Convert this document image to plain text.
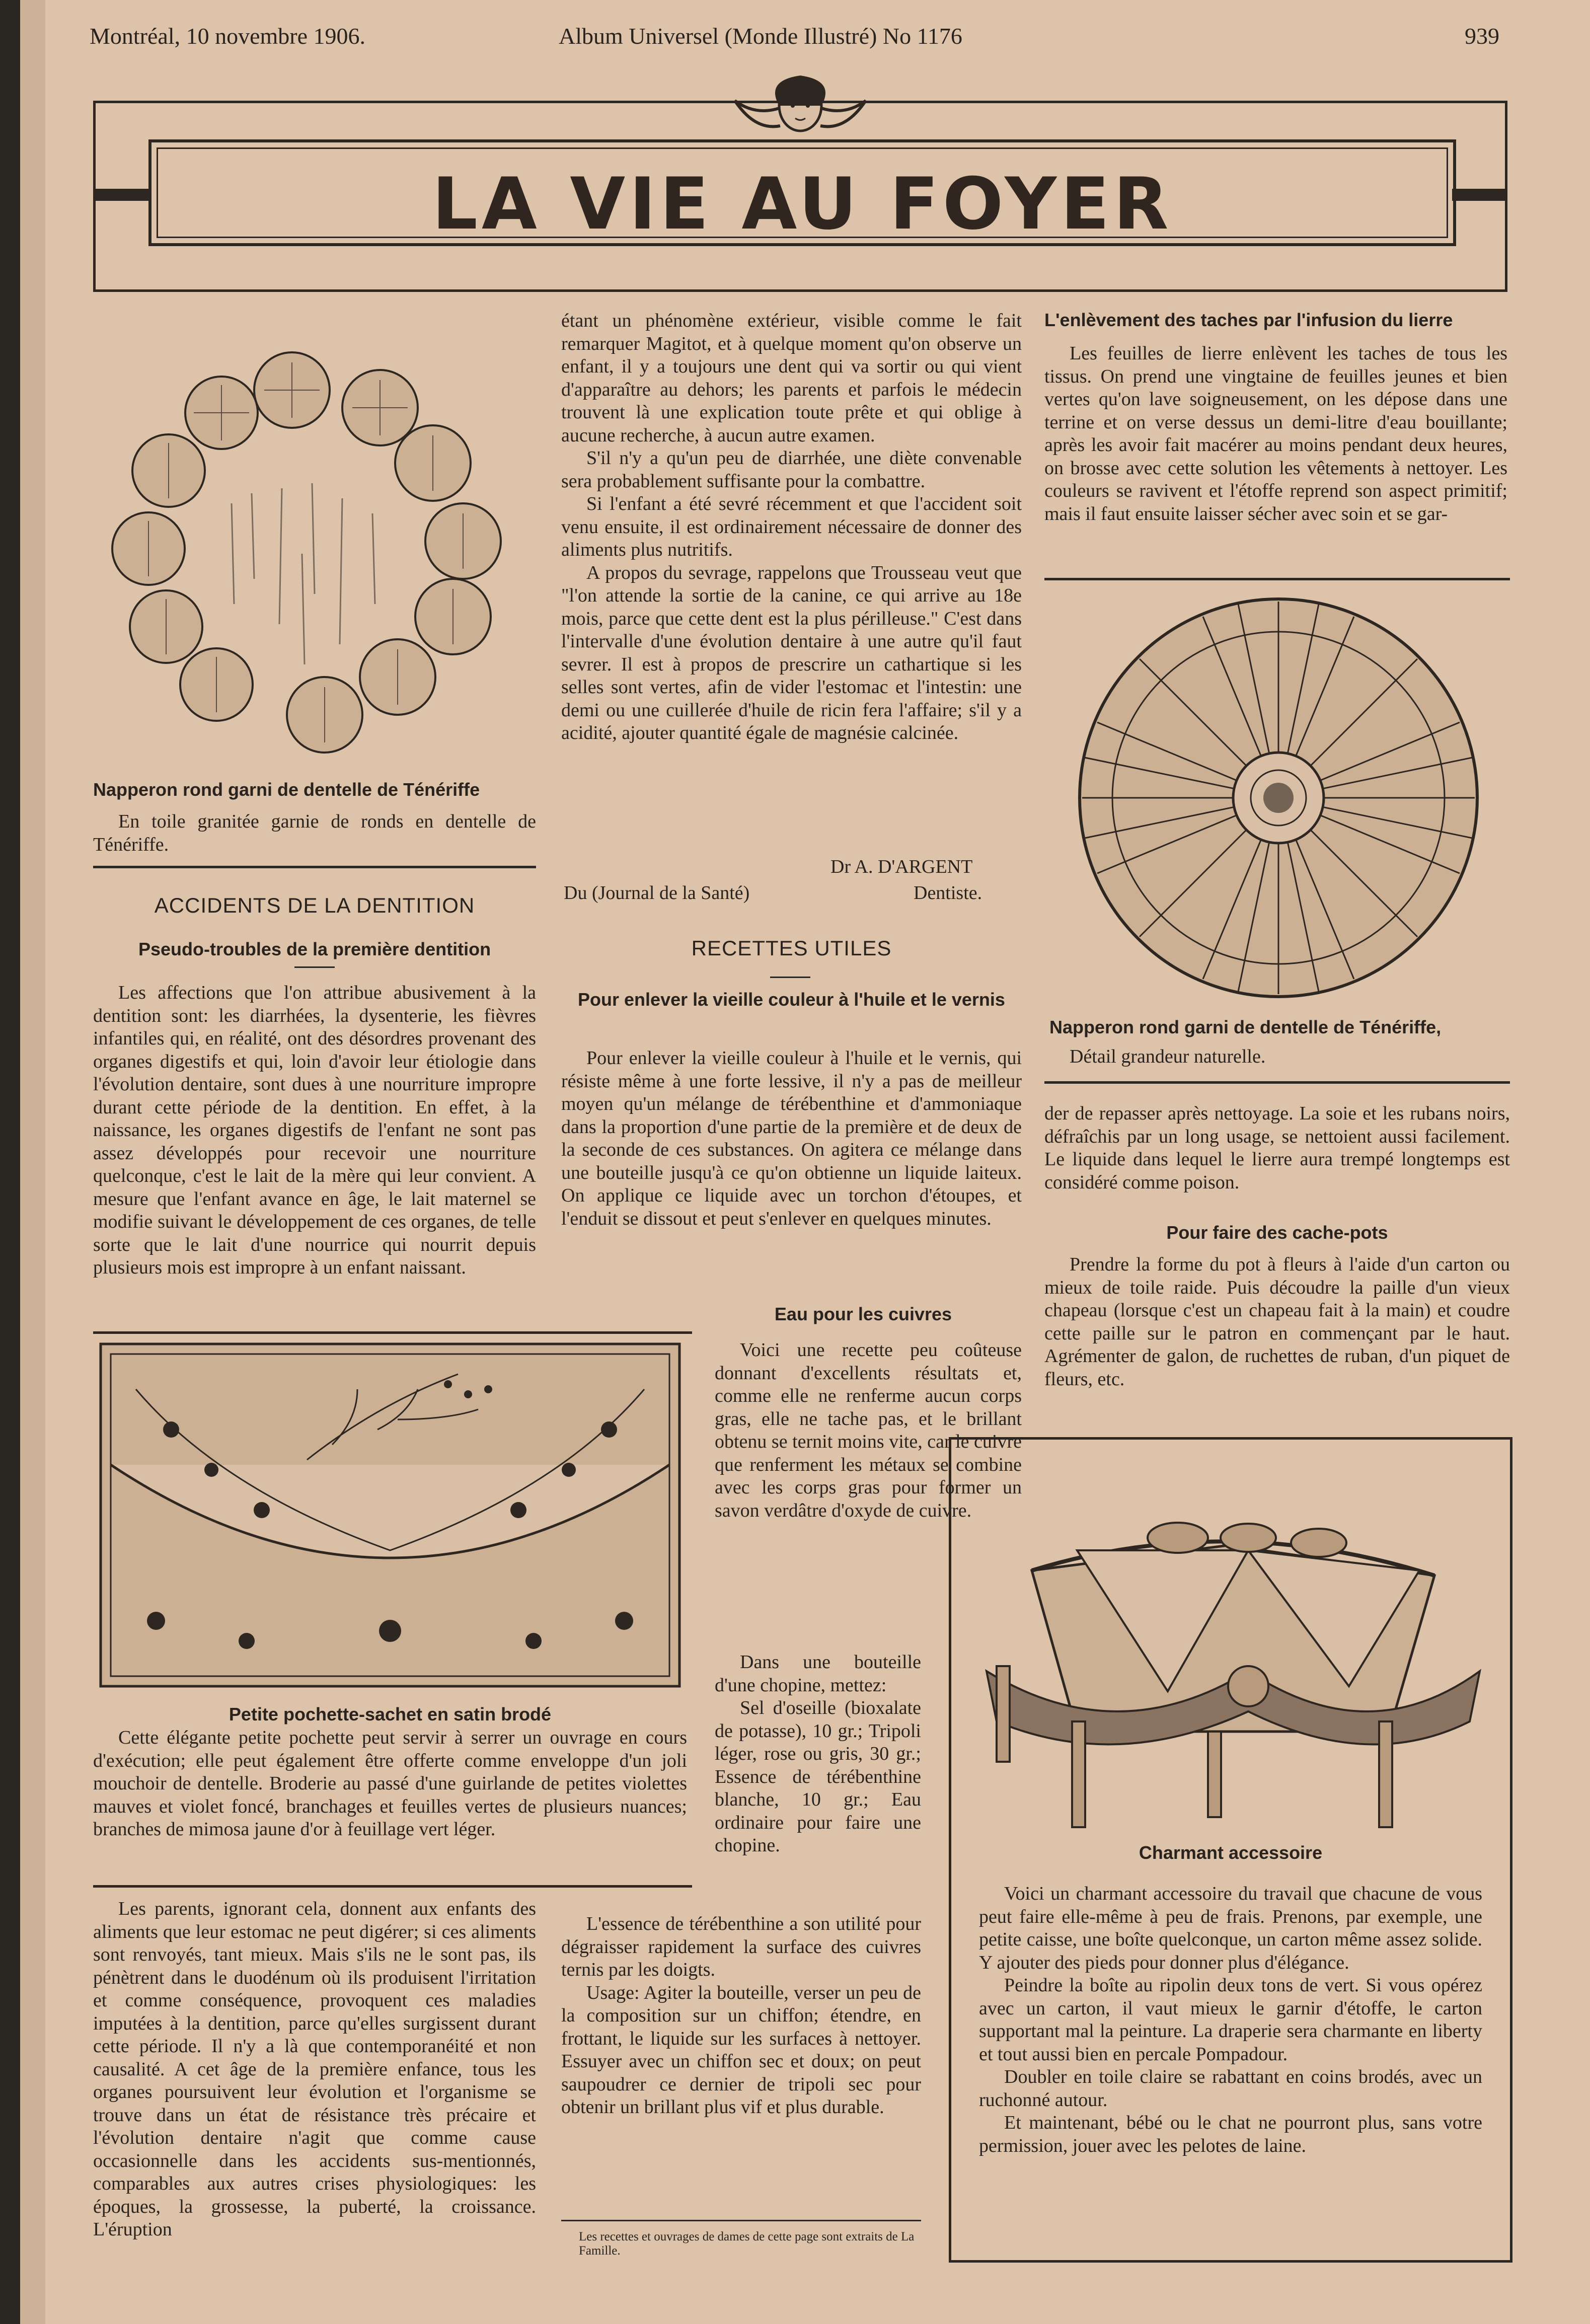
Montréal, 10 novembre 1906.	Album Universel (Monde Illustré) No 1176	939
LA VIE AU FOYER
Napperon rond garni de dentelle de Ténériffe

En toile granitée garnie de ronds en dentelle de Ténériffe.

ACCIDENTS DE LA DENTITION
Pseudo-troubles de la première dentition

Les affections que l'on attribue abusivement à la dentition sont: les diarrhées, la dysenterie, les fièvres infantiles qui, en réalité, ont des désordres provenant des organes digestifs et qui, loin d'avoir leur étiologie dans l'évolution dentaire, sont dues à une nourriture impropre durant cette période de la dentition. En effet, à la naissance, les organes digestifs de l'enfant ne sont pas assez développés pour recevoir une nourriture quelconque, c'est le lait de la mère qui leur convient. A mesure que l'enfant avance en âge, le lait maternel se modifie suivant le développement de ces organes, de telle sorte que le lait d'une nourrice qui nourrit depuis plusieurs mois est impropre à un enfant naissant.

Petite pochette-sachet en satin brodé

Cette élégante petite pochette peut servir à serrer un ouvrage en cours d'exécution; elle peut également être offerte comme enveloppe d'un joli mouchoir de dentelle. Broderie au passé d'une guirlande de petites violettes mauves et violet foncé, branchages et feuilles vertes de plusieurs nuances; branches de mimosa jaune d'or à feuillage vert léger.

Les parents, ignorant cela, donnent aux enfants des aliments que leur estomac ne peut digérer; si ces aliments sont renvoyés, tant mieux. Mais s'ils ne le sont pas, ils pénètrent dans le duodénum où ils produisent l'irritation et comme conséquence, provoquent ces maladies imputées à la dentition, parce qu'elles surgissent durant cette période. Il n'y a là que contemporanéité et non causalité. A cet âge de la première enfance, tous les organes poursuivent leur évolution et l'organisme se trouve dans un état de résistance très précaire et l'évolution dentaire n'agit que comme cause occasionnelle dans les accidents sus-mentionnés, comparables aux autres crises physiologiques: les époques, la grossesse, la puberté, la croissance. L'éruption

étant un phénomène extérieur, visible comme le fait remarquer Magitot, et à quelque moment qu'on observe un enfant, il y a toujours une dent qui va sortir ou qui vient d'apparaître au dehors; les parents et parfois le médecin trouvent là une explication toute prête et qui oblige à aucune recherche, à aucun autre examen.

S'il n'y a qu'un peu de diarrhée, une diète convenable sera probablement suffisante pour la combattre.

Si l'enfant a été sevré récemment et que l'accident soit venu ensuite, il est ordinairement nécessaire de donner des aliments plus nutritifs.

A propos du sevrage, rappelons que Trousseau veut que "l'on attende la sortie de la canine, ce qui arrive au 18e mois, parce que cette dent est la plus périlleuse." C'est dans l'intervalle d'une évolution dentaire à une autre qu'il faut sevrer. Il est à propos de prescrire un cathartique si les selles sont vertes, afin de vider l'estomac et l'intestin: une demi ou une cuillerée d'huile de ricin fera l'affaire; s'il y a acidité, ajouter quantité égale de magnésie calcinée.

Dr A. D'ARGENT
Du (Journal de la Santé)	Dentiste.
RECETTES UTILES
Pour enlever la vieille couleur à l'huile et le vernis

Pour enlever la vieille couleur à l'huile et le vernis, qui résiste même à une forte lessive, il n'y a pas de meilleur moyen qu'un mélange de térébenthine et d'ammoniaque dans la proportion d'une partie de la première et de deux de la seconde de ces substances. On agitera ce mélange dans une bouteille jusqu'à ce qu'on obtienne un liquide laiteux. On applique ce liquide avec un torchon d'étoupes, et l'enduit se dissout et peut s'enlever en quelques minutes.

Eau pour les cuivres

Voici une recette peu coûteuse donnant d'excellents résultats et, comme elle ne renferme aucun corps gras, elle ne tache pas, et le brillant obtenu se ternit moins vite, car le cuivre que renferment les métaux se combine avec les corps gras pour former un savon verdâtre d'oxyde de cuivre.

Dans une bouteille d'une chopine, mettez:

Sel d'oseille (bioxalate de potasse), 10 gr.; Tripoli léger, rose ou gris, 30 gr.; Essence de térébenthine blanche, 10 gr.; Eau ordinaire pour faire une chopine.

L'essence de térébenthine a son utilité pour dégraisser rapidement la surface des cuivres ternis par les doigts.

Usage: Agiter la bouteille, verser un peu de la composition sur un chiffon; étendre, en frottant, le liquide sur les surfaces à nettoyer. Essuyer avec un chiffon sec et doux; on peut saupoudrer ce dernier de tripoli sec pour obtenir un brillant plus vif et plus durable.

Les recettes et ouvrages de dames de cette page sont extraits de La Famille.
L'enlèvement des taches par l'infusion du lierre

Les feuilles de lierre enlèvent les taches de tous les tissus. On prend une vingtaine de feuilles jeunes et bien vertes qu'on lave soigneusement, on les dépose dans une terrine et on verse dessus un demi-litre d'eau bouillante; après les avoir fait macérer au moins pendant deux heures, on brosse avec cette solution les vêtements à nettoyer. Les couleurs se ravivent et l'étoffe reprend son aspect primitif; mais il faut ensuite laisser sécher avec soin et se gar-

Napperon rond garni de dentelle de Ténériffe,
Détail grandeur naturelle.

der de repasser après nettoyage. La soie et les rubans noirs, défraîchis par un long usage, se nettoient aussi facilement. Le liquide dans lequel le lierre aura trempé longtemps est considéré comme poison.

Pour faire des cache-pots

Prendre la forme du pot à fleurs à l'aide d'un carton ou mieux de toile raide. Puis découdre la paille d'un vieux chapeau (lorsque c'est un chapeau fait à la main) et coudre cette paille sur le patron en commençant par le haut. Agrémenter de galon, de ruchettes de ruban, d'un piquet de fleurs, etc.

Charmant accessoire

Voici un charmant accessoire du travail que chacune de vous peut faire elle-même à peu de frais. Prenons, par exemple, une petite caisse, une boîte quelconque, un carton même assez solide. Y ajouter des pieds pour donner plus d'élégance.

Peindre la boîte au ripolin deux tons de vert. Si vous opérez avec un carton, il vaut mieux le garnir d'étoffe, le carton supportant mal la peinture. La draperie sera charmante en liberty et tout aussi bien en percale Pompadour.

Doubler en toile claire se rabattant en coins brodés, avec un ruchonné autour.

Et maintenant, bébé ou le chat ne pourront plus, sans votre permission, jouer avec les pelotes de laine.
